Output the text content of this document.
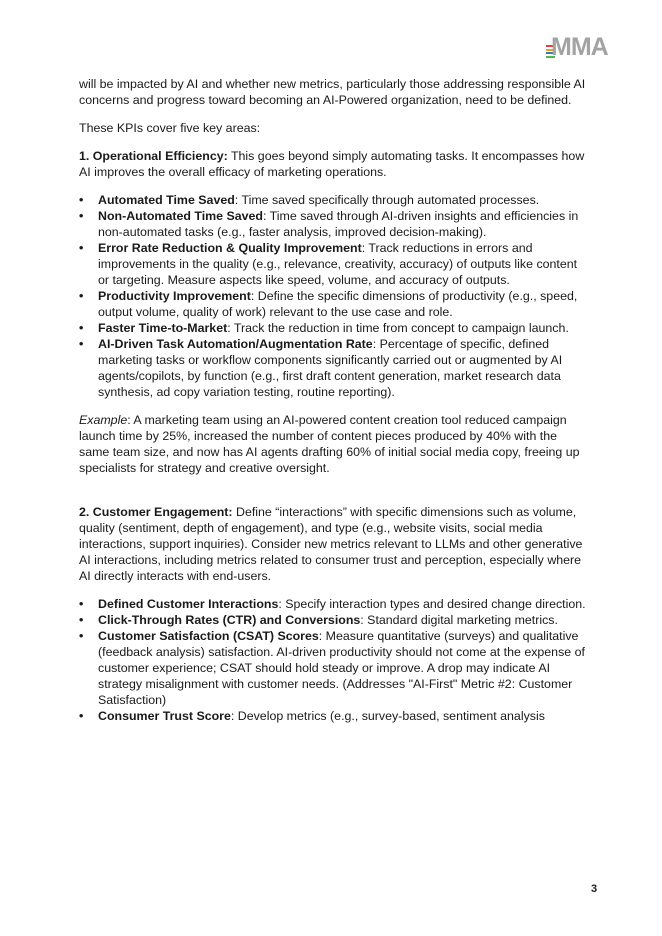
MMA

will be impacted by AI and whether new metrics, particularly those addressing responsible AI concerns and progress toward becoming an AI-Powered organization, need to be defined.

These KPIs cover five key areas:

1. Operational Efficiency: This goes beyond simply automating tasks. It encompasses how AI improves the overall efficacy of marketing operations.

• Automated Time Saved: Time saved specifically through automated processes.
• Non-Automated Time Saved: Time saved through AI-driven insights and efficiencies in non-automated tasks (e.g., faster analysis, improved decision-making).
• Error Rate Reduction & Quality Improvement: Track reductions in errors and improvements in the quality (e.g., relevance, creativity, accuracy) of outputs like content or targeting. Measure aspects like speed, volume, and accuracy of outputs.
• Productivity Improvement: Define the specific dimensions of productivity (e.g., speed, output volume, quality of work) relevant to the use case and role.
• Faster Time-to-Market: Track the reduction in time from concept to campaign launch.
• AI-Driven Task Automation/Augmentation Rate: Percentage of specific, defined marketing tasks or workflow components significantly carried out or augmented by AI agents/copilots, by function (e.g., first draft content generation, market research data synthesis, ad copy variation testing, routine reporting).

Example: A marketing team using an AI-powered content creation tool reduced campaign launch time by 25%, increased the number of content pieces produced by 40% with the same team size, and now has AI agents drafting 60% of initial social media copy, freeing up specialists for strategy and creative oversight.

2. Customer Engagement: Define “interactions” with specific dimensions such as volume, quality (sentiment, depth of engagement), and type (e.g., website visits, social media interactions, support inquiries). Consider new metrics relevant to LLMs and other generative AI interactions, including metrics related to consumer trust and perception, especially where AI directly interacts with end-users.

• Defined Customer Interactions: Specify interaction types and desired change direction.
• Click-Through Rates (CTR) and Conversions: Standard digital marketing metrics.
• Customer Satisfaction (CSAT) Scores: Measure quantitative (surveys) and qualitative (feedback analysis) satisfaction. AI-driven productivity should not come at the expense of customer experience; CSAT should hold steady or improve. A drop may indicate AI strategy misalignment with customer needs. (Addresses "AI-First" Metric #2: Customer Satisfaction)
• Consumer Trust Score: Develop metrics (e.g., survey-based, sentiment analysis
3
